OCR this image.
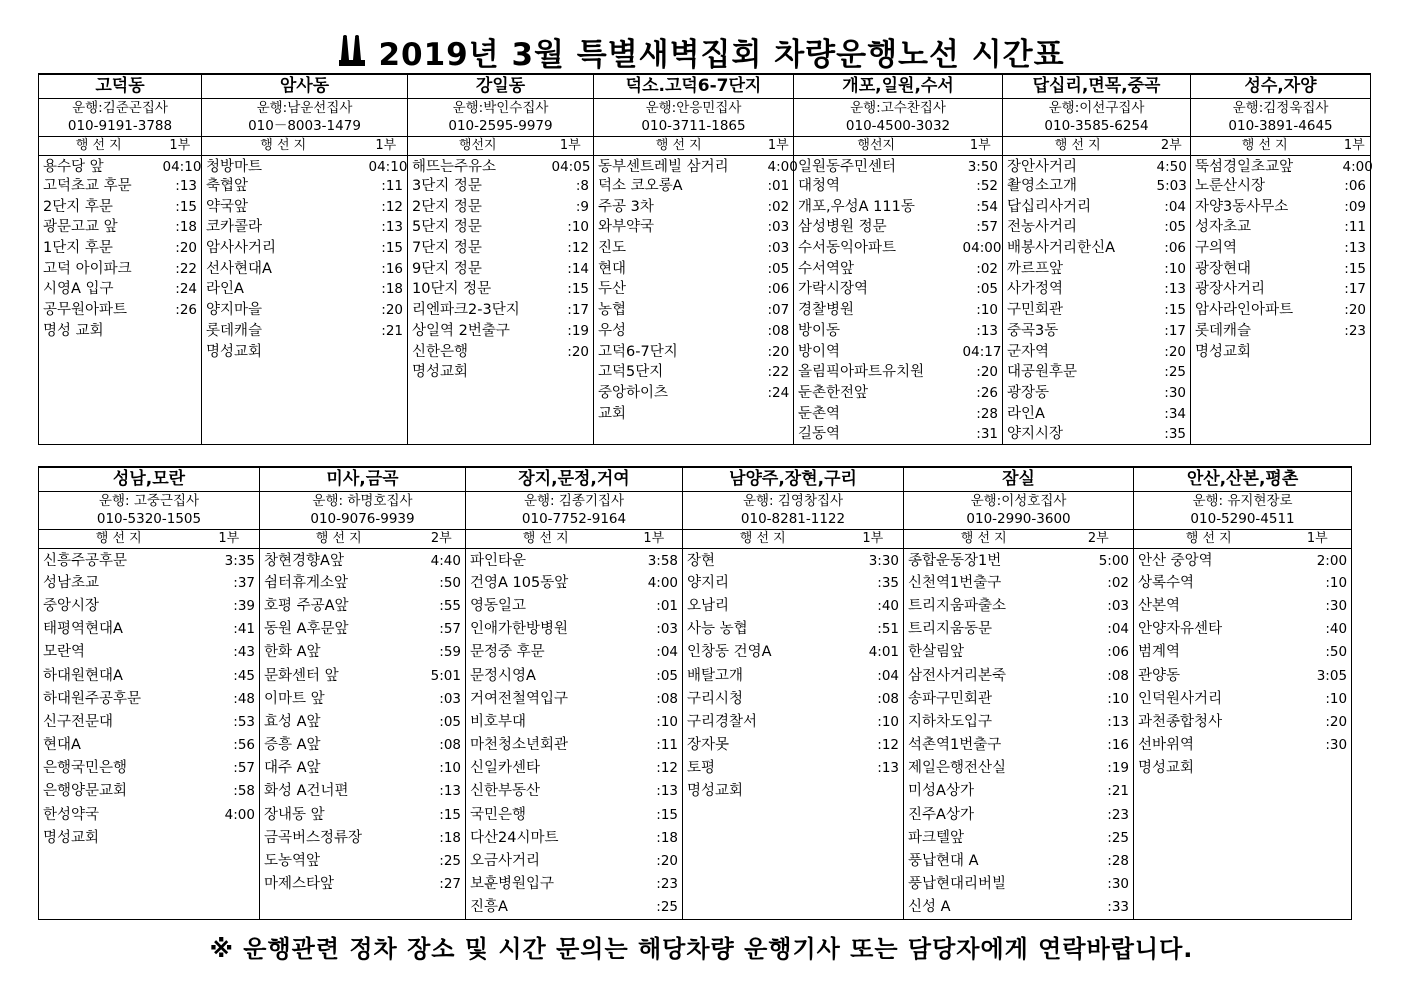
2019년 3월 특별새벽집회 차량운행노선 시간표
고덕동		암사동		강일동		덕소.고덕6-7단지		개포,일원,수서		답십리,면목,중곡		성수,자양	
운행:김준곤집사		운행:남운선집사		운행:박인수집사		운행:안응민집사		운행:고수찬집사		운행:이선구집사		운행:김정욱집사	
010-9191-3788		010－8003-1479		010-2595-9979		010-3711-1865		010-4500-3032		010-3585-6254		010-3891-4645	
행 선 지	1부	행 선 지	1부	행선지	1부	행 선 지	1부	행선지	1부	행 선 지	2부	행 선 지	1부
용수당 앞	04:10	청방마트	04:10	해뜨는주유소	04:05	동부센트레빌 삼거리	4:00	일원동주민센터	3:50	장안사거리	4:50	뚝섬경일초교앞	4:00
고덕초교 후문	:13	축협앞	:11	3단지 정문	:8	덕소 코오롱A	:01	대청역	:52	촬영소고개	5:03	노룬산시장	:06
2단지 후문	:15	약국앞	:12	2단지 정문	:9	주공 3차	:02	개포,우성A 111동	:54	답십리사거리	:04	자양3동사무소	:09
광문고교 앞	:18	코카콜라	:13	5단지 정문	:10	와부약국	:03	삼성병원 정문	:57	전농사거리	:05	성자초교	:11
1단지 후문	:20	암사사거리	:15	7단지 정문	:12	진도	:03	수서동익아파트	04:00	배봉사거리한신A	:06	구의역	:13
고덕 아이파크	:22	선사현대A	:16	9단지 정문	:14	현대	:05	수서역앞	:02	까르프앞	:10	광장현대	:15
시영A 입구	:24	라인A	:18	10단지 정문	:15	두산	:06	가락시장역	:05	사가정역	:13	광장사거리	:17
공무원아파트	:26	양지마을	:20	리엔파크2-3단지	:17	농협	:07	경찰병원	:10	구민회관	:15	암사라인아파트	:20
명성 교회		롯데캐슬	:21	상일역 2번출구	:19	우성	:08	방이동	:13	중곡3동	:17	롯데캐슬	:23
		명성교회		신한은행	:20	고덕6-7단지	:20	방이역	04:17	군자역	:20	명성교회	
				명성교회		고덕5단지	:22	올림픽아파트유치원	:20	대공원후문	:25		
						중앙하이츠	:24	둔촌한전앞	:26	광장동	:30		
						교회		둔촌역	:28	라인A	:34		
								길동역	:31	양지시장	:35		
성남,모란		미사,금곡		장지,문정,거여		남양주,장현,구리		잠실		안산,산본,평촌	
운행: 고중근집사		운행: 하명호집사		운행: 김종기집사		운행: 김영창집사		운행:이성호집사		운행: 유지현장로	
010-5320-1505		010-9076-9939		010-7752-9164		010-8281-1122		010-2990-3600		010-5290-4511	
행 선 지	1부	행 선 지	2부	행 선 지	1부	행 선 지	1부	행 선 지	2부	행 선 지	1부
신흥주공후문	3:35	창현경향A앞	4:40	파인타운	3:58	장현	3:30	종합운동장1번	5:00	안산 중앙역	2:00
성남초교	:37	쉼터휴게소앞	:50	건영A 105동앞	4:00	양지리	:35	신천역1번출구	:02	상록수역	:10
중앙시장	:39	호평 주공A앞	:55	영동일고	:01	오남리	:40	트리지움파출소	:03	산본역	:30
태평역현대A	:41	동원 A후문앞	:57	인애가한방병원	:03	사능 농협	:51	트리지움동문	:04	안양자유센타	:40
모란역	:43	한화 A앞	:59	문정중 후문	:04	인창동 건영A	4:01	한살림앞	:06	범계역	:50
하대원현대A	:45	문화센터 앞	5:01	문정시영A	:05	배탈고개	:04	삼전사거리본죽	:08	관양동	3:05
하대원주공후문	:48	이마트 앞	:03	거여전철역입구	:08	구리시청	:08	송파구민회관	:10	인덕원사거리	:10
신구전문대	:53	효성 A앞	:05	비호부대	:10	구리경찰서	:10	지하차도입구	:13	과천종합청사	:20
현대A	:56	증흥 A앞	:08	마천청소년회관	:11	장자못	:12	석촌역1번출구	:16	선바위역	:30
은행국민은행	:57	대주 A앞	:10	신일카센타	:12	토평	:13	제일은행전산실	:19	명성교회	
은행양문교회	:58	화성 A건너편	:13	신한부동산	:13	명성교회		미성A상가	:21		
한성약국	4:00	장내동 앞	:15	국민은행	:15			진주A상가	:23		
명성교회		금곡버스정류장	:18	다산24시마트	:18			파크텔앞	:25		
		도농역앞	:25	오금사거리	:20			풍납현대 A	:28		
		마제스타앞	:27	보훈병원입구	:23			풍납현대리버빌	:30		
				진흥A	:25			신성 A	:33		
※ 운행관련 정차 장소 및 시간 문의는 해당차량 운행기사 또는 담당자에게 연락바랍니다.
